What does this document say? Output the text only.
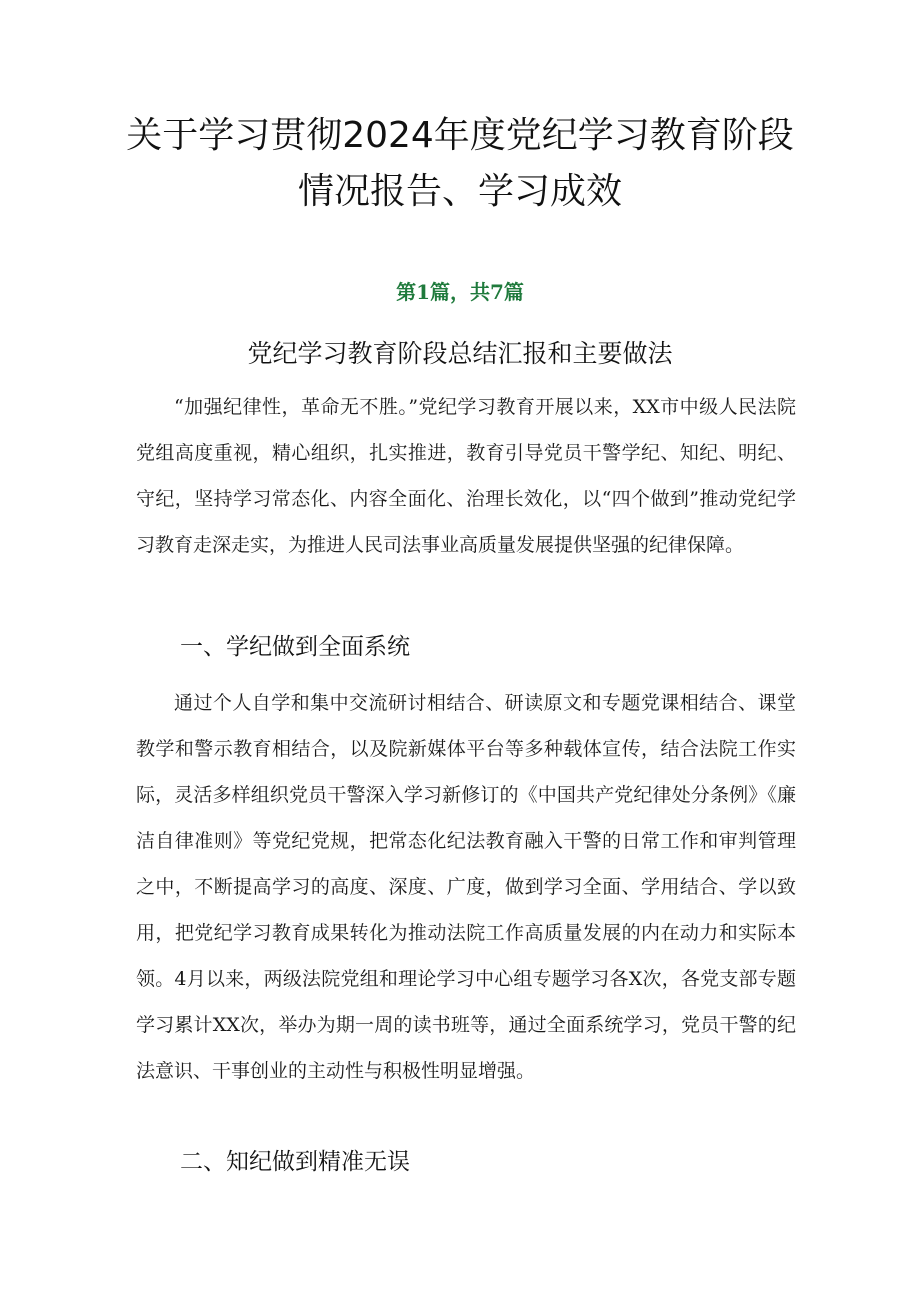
关于学习贯彻2024年度党纪学习教育阶段
情况报告、学习成效

第1篇，共7篇

党纪学习教育阶段总结汇报和主要做法

“加强纪律性，革命无不胜。”党纪学习教育开展以来，XX市中级人民法院党组高度重视，精心组织，扎实推进，教育引导党员干警学纪、知纪、明纪、守纪，坚持学习常态化、内容全面化、治理长效化，以“四个做到”推动党纪学习教育走深走实，为推进人民司法事业高质量发展提供坚强的纪律保障。

一、学纪做到全面系统

通过个人自学和集中交流研讨相结合、研读原文和专题党课相结合、课堂教学和警示教育相结合，以及院新媒体平台等多种载体宣传，结合法院工作实际，灵活多样组织党员干警深入学习新修订的《中国共产党纪律处分条例》《廉洁自律准则》等党纪党规，把常态化纪法教育融入干警的日常工作和审判管理之中，不断提高学习的高度、深度、广度，做到学习全面、学用结合、学以致用，把党纪学习教育成果转化为推动法院工作高质量发展的内在动力和实际本领。4月以来，两级法院党组和理论学习中心组专题学习各X次，各党支部专题学习累计XX次，举办为期一周的读书班等，通过全面系统学习，党员干警的纪法意识、干事创业的主动性与积极性明显增强。

二、知纪做到精准无误
